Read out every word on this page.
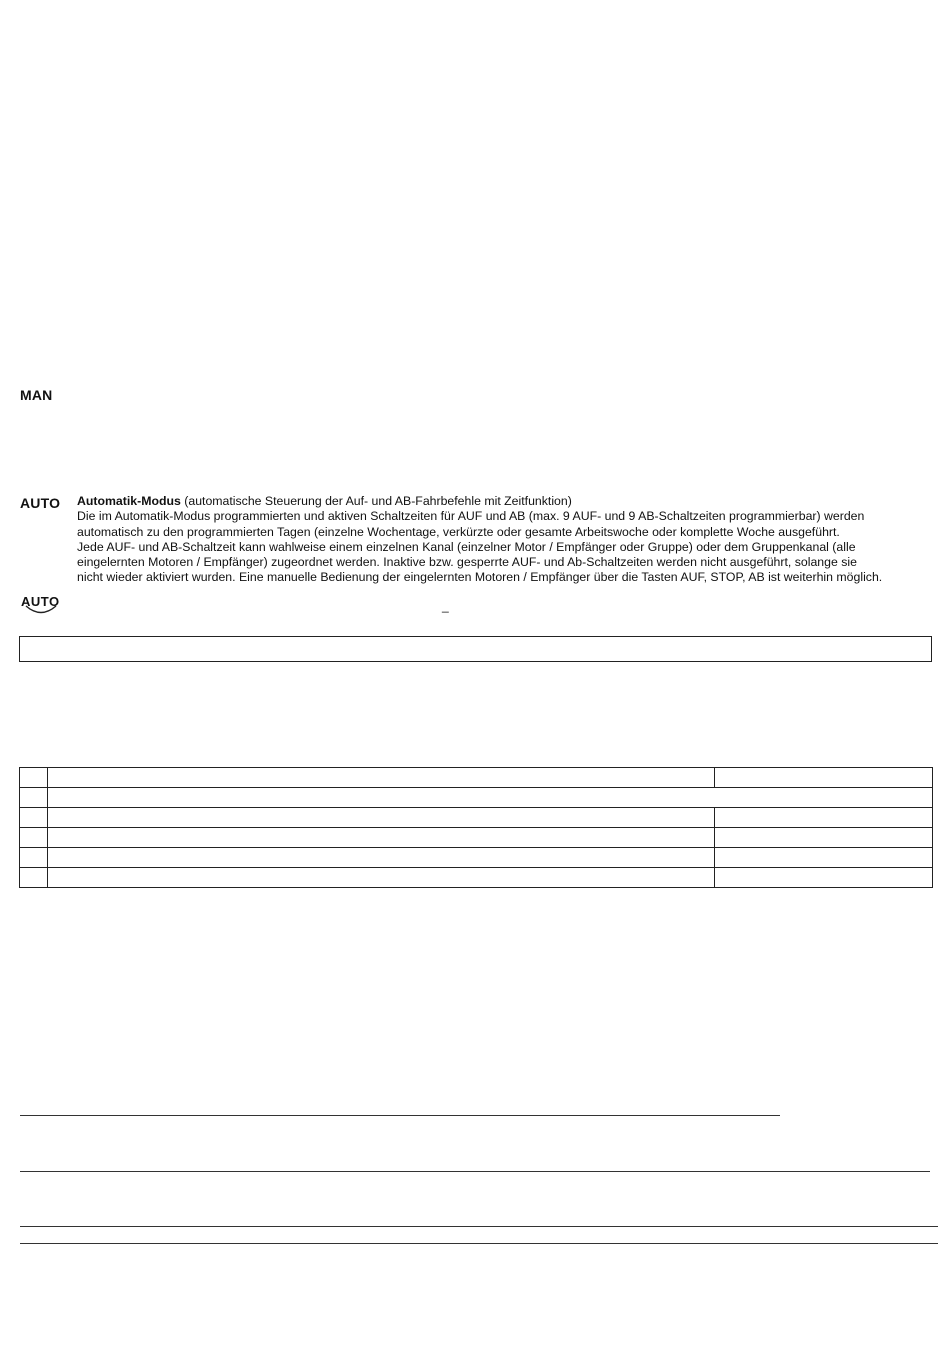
MAN
AUTO Automatik-Modus (automatische Steuerung der Auf- und AB-Fahrbefehle mit Zeitfunktion)
Die im Automatik-Modus programmierten und aktiven Schaltzeiten für AUF und AB (max. 9 AUF- und 9 AB-Schaltzeiten programmierbar) werden
automatisch zu den programmierten Tagen (einzelne Wochentage, verkürzte oder gesamte Arbeitswoche oder komplette Woche ausgeführt.
Jede AUF- und AB-Schaltzeit kann wahlweise einem einzelnen Kanal (einzelner Motor / Empfänger oder Gruppe) oder dem Gruppenkanal (alle
eingelernten Motoren / Empfänger) zugeordnet werden. Inaktive bzw. gesperrte AUF- und Ab-Schaltzeiten werden nicht ausgeführt, solange sie
nicht wieder aktiviert wurden. Eine manuelle Bedienung der eingelernten Motoren / Empfänger über die Tasten AUF, STOP, AB ist weiterhin möglich.
AUTO	_
